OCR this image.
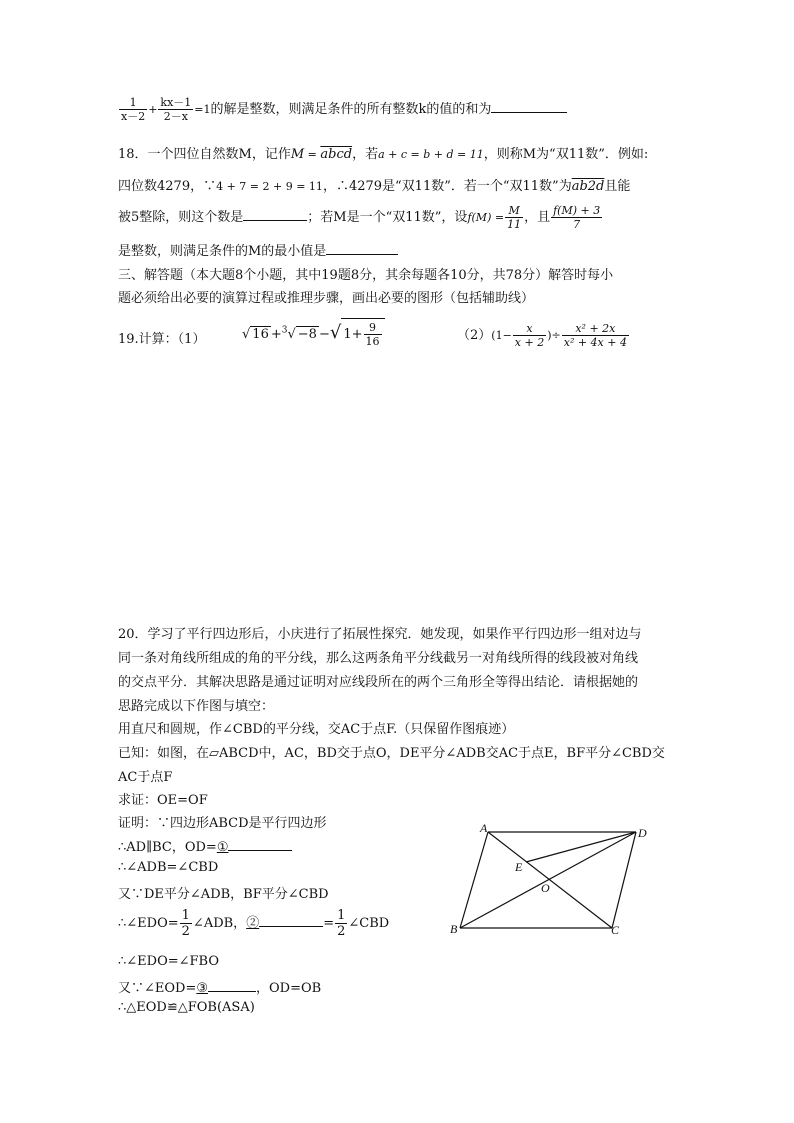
$\frac{1}{x-2} + \frac{kx-1}{2-x} =1$的解是整数，则满足条件的所有整数k的值的和为
18．一个四位自然数M，记作M = abcd，若a + c = b + d = 11，则称M为“双11数”．例如:
四位数4279，∵4 + 7 = 2 + 9 = 11，∴4279是“双11数”．若一个“双11数”为ab2d且能
被5整除，则这个数是	；若M是一个“双11数”，设$f(M) = \frac{M}{11}$ ，且 $\frac{f(M) + 3}{7}$
是整数，则满足条件的M的最小值是
三、解答题（本大题8个小题，其中19题8分，其余每题各10分，共78分）解答时每小
题必须给出必要的演算过程或推理步骤，画出必要的图形（包括辅助线）
19.计算：（1）	√ 16 +$^3$√ −8 −√ $1+ \frac{9}{16}$	$(2)(1- \frac{x}{x + 2}$ )÷ $\frac{\text{x² + 2x}}{\text{x² + 4x + 4}}$
20．学习了平行四边形后，小庆进行了拓展性探究．她发现，如果作平行四边形一组对边与
同一条对角线所组成的角的平分线，那么这两条角平分线截另一对角线所得的线段被对角线
的交点平分．其解决思路是通过证明对应线段所在的两个三角形全等得出结论．请根据她的
思路完成以下作图与填空：
用直尺和圆规，作∠CBD的平分线，交AC于点F.（只保留作图痕迹）
已知：如图，在▱ABCD中，AC，BD交于点O，DE平分∠ADB交AC于点E，BF平分∠CBD交
AC于点F
求证：OE=OF
证明：∵四边形ABCD是平行四边形
∴AD∥BC，OD=①
∴∠ADB=∠CBD
又∵DE平分∠ADB，BF平分∠CBD
∴∠EDO= $\frac{1}{2}$ ∠ADB，②	= $\frac{1}{2}$ ∠CBD
∴∠EDO=∠FBO
又∵∠EOD=③	，OD=OB
∴△EOD≌△FOB(ASA)
A
B	C
D
E
O
